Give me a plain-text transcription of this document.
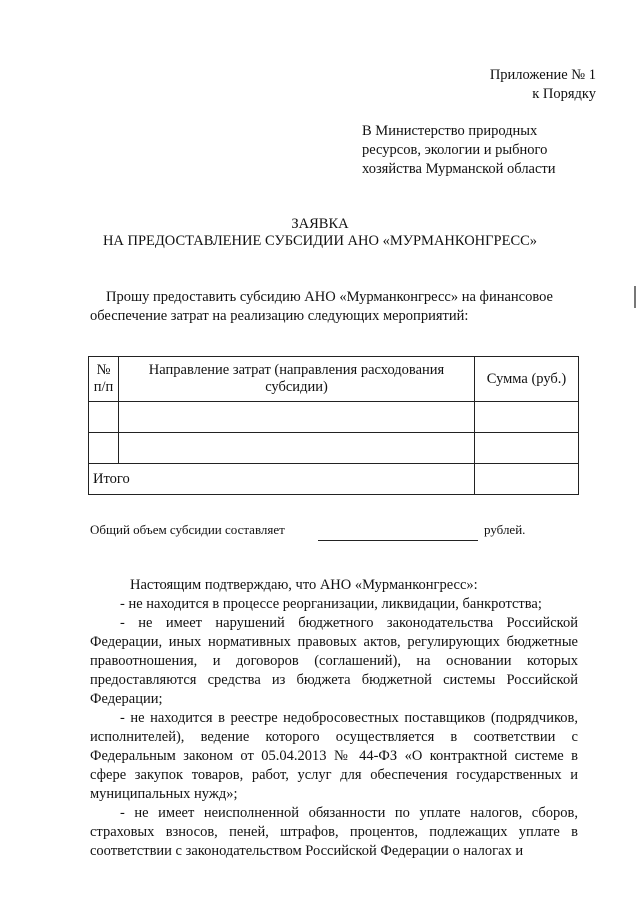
Приложение № 1
к Порядку
В Министерство природных
ресурсов, экологии и рыбного
хозяйства Мурманской области
ЗАЯВКА
НА ПРЕДОСТАВЛЕНИЕ СУБСИДИИ АНО «МУРМАНКОНГРЕСС»

Прошу предоставить субсидию АНО «Мурманконгресс» на финансовое

обеспечение затрат на реализацию следующих мероприятий:

№ п/п	Направление затрат (направления расходования субсидии)	Сумма (руб.)

Итого		
Общий объем субсидии составляет	рублей.

Настоящим подтверждаю, что АНО «Мурманконгресс»:

- не находится в процессе реорганизации, ликвидации, банкротства;

- не имеет нарушений бюджетного законодательства Российской Федерации, иных нормативных правовых актов, регулирующих бюджетные правоотношения, и договоров (соглашений), на основании которых предоставляются средства из бюджета бюджетной системы Российской Федерации;

- не находится в реестре недобросовестных поставщиков (подрядчиков, исполнителей), ведение которого осуществляется в соответствии с Федеральным законом от 05.04.2013 № 44-ФЗ «О контрактной системе в сфере закупок товаров, работ, услуг для обеспечения государственных и муниципальных нужд»;

- не имеет неисполненной обязанности по уплате налогов, сборов, страховых взносов, пеней, штрафов, процентов, подлежащих уплате в соответствии с законодательством Российской Федерации о налогах и
